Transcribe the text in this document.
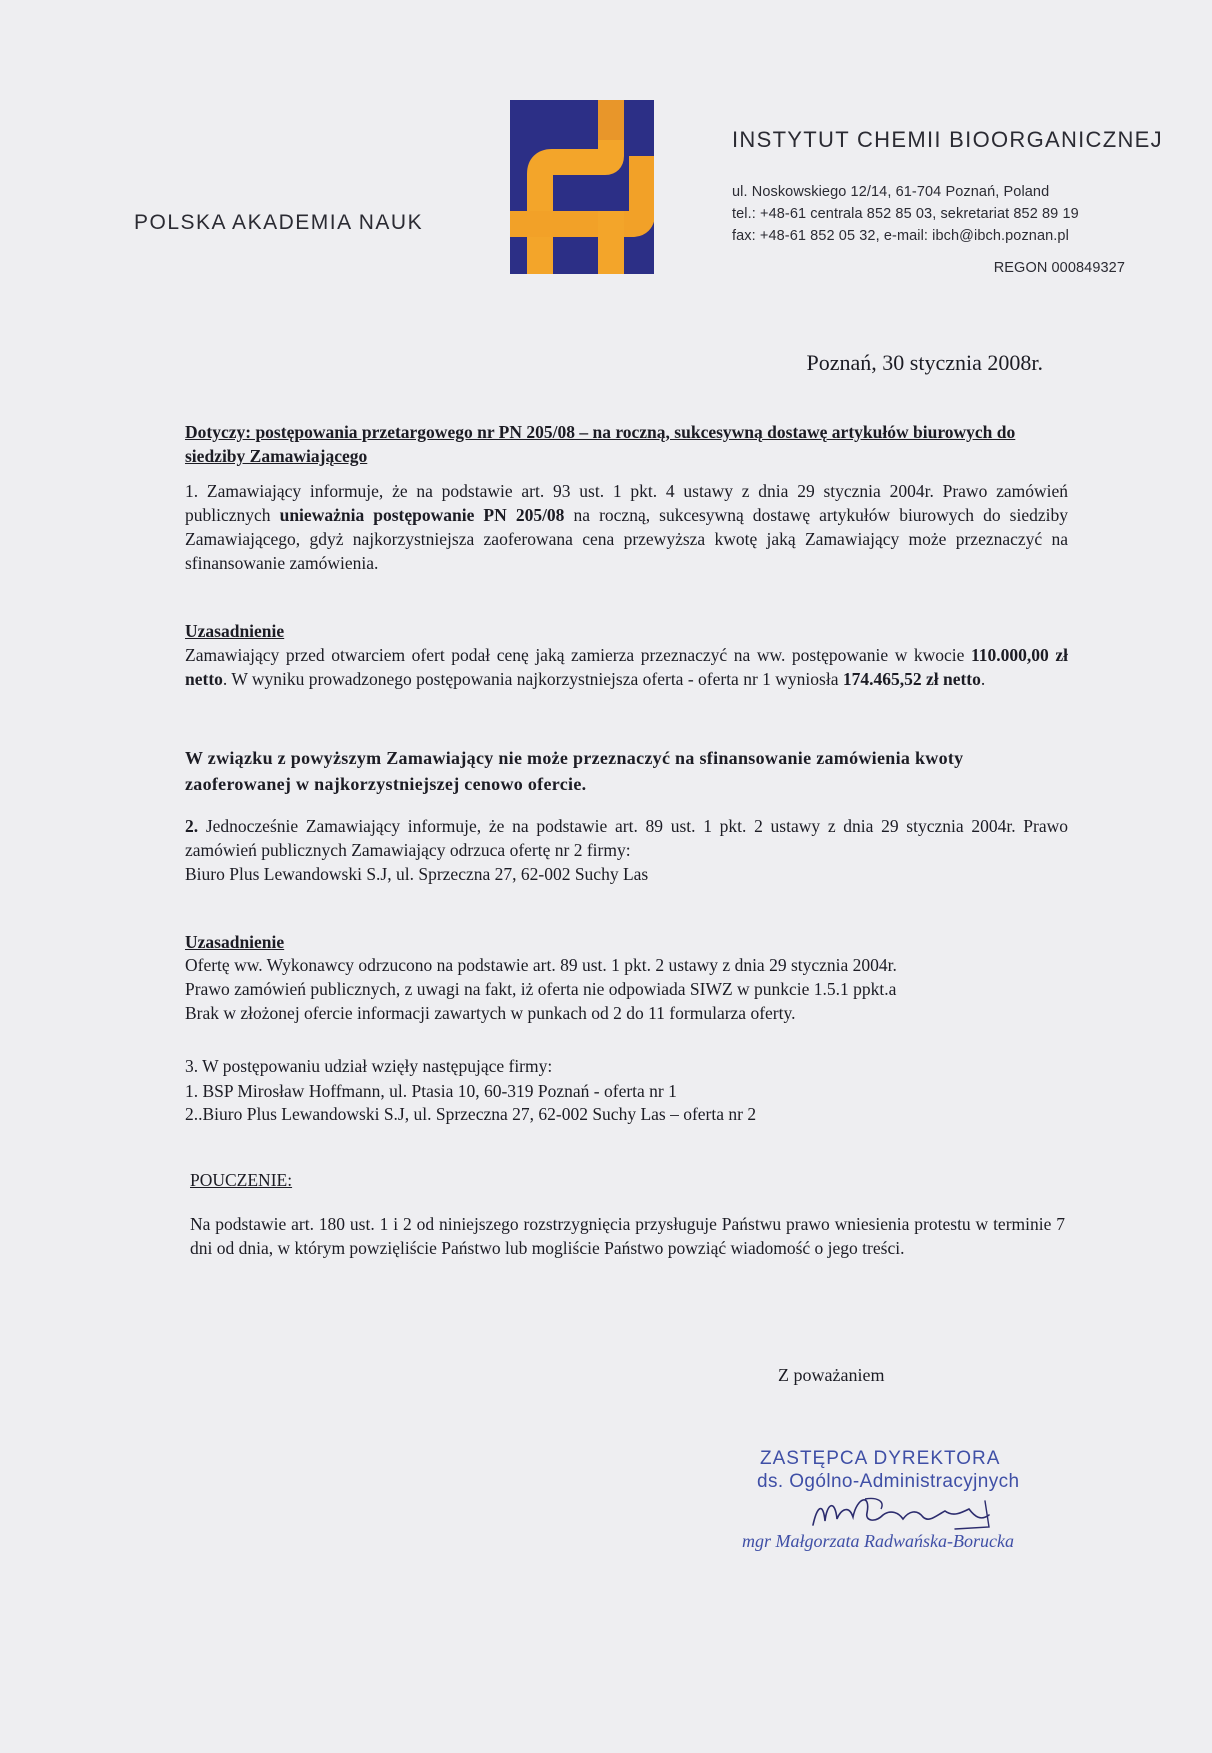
POLSKA AKADEMIA NAUK
INSTYTUT CHEMII BIOORGANICZNEJ
ul. Noskowskiego 12/14, 61-704 Poznań, Poland
tel.: +48-61 centrala 852 85 03, sekretariat 852 89 19
fax: +48-61 852 05 32, e-mail: ibch@ibch.poznan.pl
REGON 000849327
Poznań, 30 stycznia 2008r.
Dotyczy: postępowania przetargowego nr PN 205/08 – na roczną, sukcesywną dostawę artykułów biurowych do siedziby Zamawiającego

1. Zamawiający informuje, że na podstawie art. 93 ust. 1 pkt. 4 ustawy z dnia 29 stycznia 2004r. Prawo zamówień publicznych unieważnia postępowanie PN 205/08 na roczną, sukcesywną dostawę artykułów biurowych do siedziby Zamawiającego, gdyż najkorzystniejsza zaoferowana cena przewyższa kwotę jaką Zamawiający może przeznaczyć na sfinansowanie zamówienia.

Uzasadnienie

Zamawiający przed otwarciem ofert podał cenę jaką zamierza przeznaczyć na ww. postępowanie w kwocie 110.000,00 zł netto. W wyniku prowadzonego postępowania najkorzystniejsza oferta - oferta nr 1 wyniosła 174.465,52 zł netto.

W związku z powyższym Zamawiający nie może przeznaczyć na sfinansowanie zamówienia kwoty zaoferowanej w najkorzystniejszej cenowo ofercie.

2. Jednocześnie Zamawiający informuje, że na podstawie art. 89 ust. 1 pkt. 2 ustawy z dnia 29 stycznia 2004r. Prawo zamówień publicznych Zamawiający odrzuca ofertę nr 2 firmy:

Biuro Plus Lewandowski S.J, ul. Sprzeczna 27, 62-002 Suchy Las

Uzasadnienie

Ofertę ww. Wykonawcy odrzucono na podstawie art. 89 ust. 1 pkt. 2 ustawy z dnia 29 stycznia 2004r.

Prawo zamówień publicznych, z uwagi na fakt, iż oferta nie odpowiada SIWZ w punkcie 1.5.1 ppkt.a

Brak w złożonej ofercie informacji zawartych w punkach od 2 do 11 formularza oferty.

3. W postępowaniu udział wzięły następujące firmy:

1. BSP Mirosław Hoffmann, ul. Ptasia 10, 60-319 Poznań - oferta nr 1

2..Biuro Plus Lewandowski S.J, ul. Sprzeczna 27, 62-002 Suchy Las – oferta nr 2

POUCZENIE:

Na podstawie art. 180 ust. 1 i 2 od niniejszego rozstrzygnięcia przysługuje Państwu prawo wniesienia protestu w terminie 7 dni od dnia, w którym powzięliście Państwo lub mogliście Państwo powziąć wiadomość o jego treści.

Z poważaniem
ZASTĘPCA DYREKTORA
ds. Ogólno-Administracyjnych
mgr Małgorzata Radwańska-Borucka
